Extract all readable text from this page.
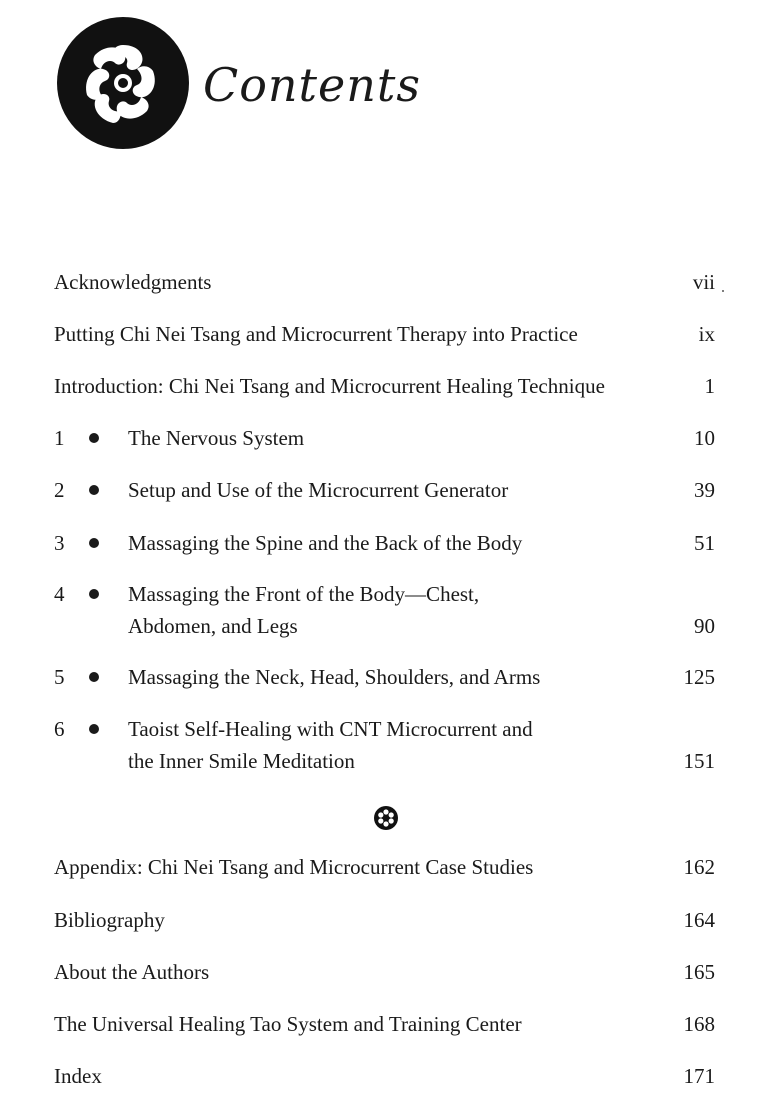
Contents
Acknowledgments	vii
Putting Chi Nei Tsang and Microcurrent Therapy into Practice	ix
Introduction: Chi Nei Tsang and Microcurrent Healing Technique	1
1	The Nervous System	10
2	Setup and Use of the Microcurrent Generator	39
3	Massaging the Spine and the Back of the Body	51
4	Massaging the Front of the Body—Chest,
Abdomen, and Legs	90
5	Massaging the Neck, Head, Shoulders, and Arms	125
6	Taoist Self-Healing with CNT Microcurrent and
the Inner Smile Meditation	151
Appendix: Chi Nei Tsang and Microcurrent Case Studies	162
Bibliography	164
About the Authors	165
The Universal Healing Tao System and Training Center	168
Index	171
